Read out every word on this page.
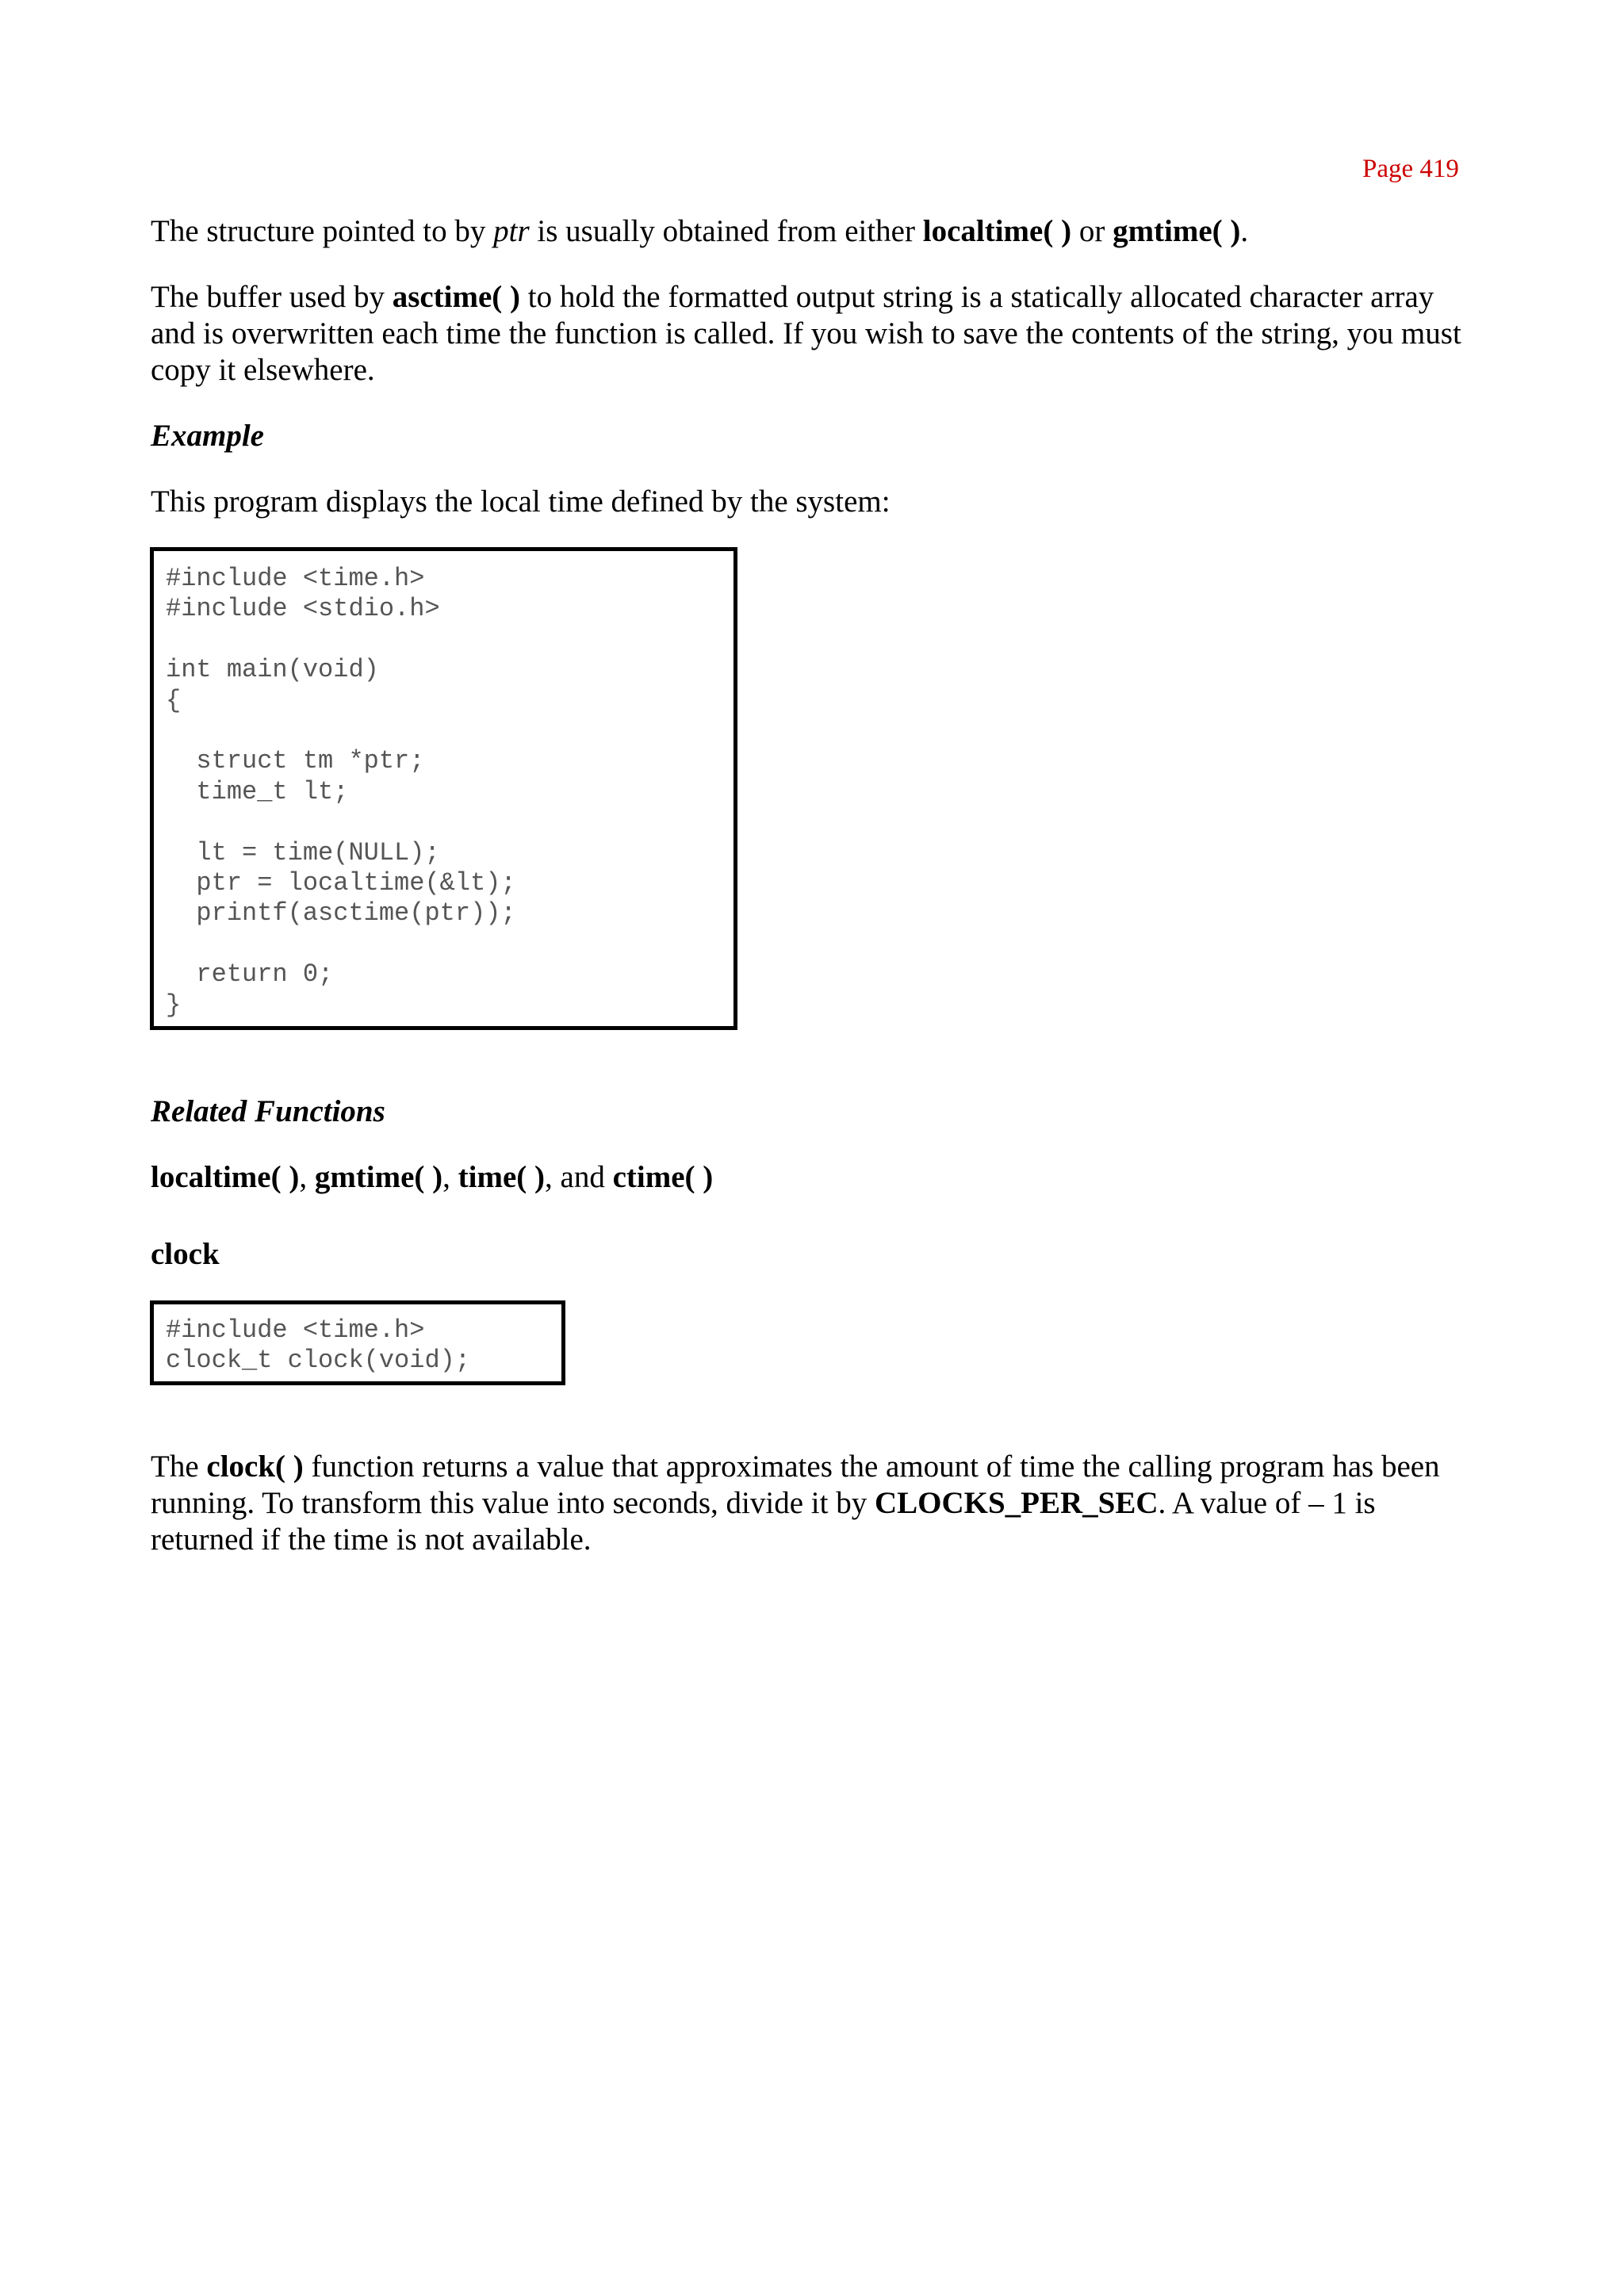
Page 419

The structure pointed to by ptr is usually obtained from either localtime( ) or gmtime( ).

The buffer used by asctime( ) to hold the formatted output string is a statically allocated character array and is overwritten each time the function is called. If you wish to save the contents of the string, you must copy it elsewhere.

Example

This program displays the local time defined by the system:

#include <time.h>
#include <stdio.h>

int main(void)
{

struct tm *ptr;
time_t lt;

lt = time(NULL);
ptr = localtime(&lt);
printf(asctime(ptr));

return 0;
}
Related Functions

localtime( ), gmtime( ), time( ), and ctime( )

clock
#include <time.h>
clock_t clock(void);

The clock( ) function returns a value that approximates the amount of time the calling program has been running. To transform this value into seconds, divide it by CLOCKS_PER_SEC. A value of – 1 is returned if the time is not available.
